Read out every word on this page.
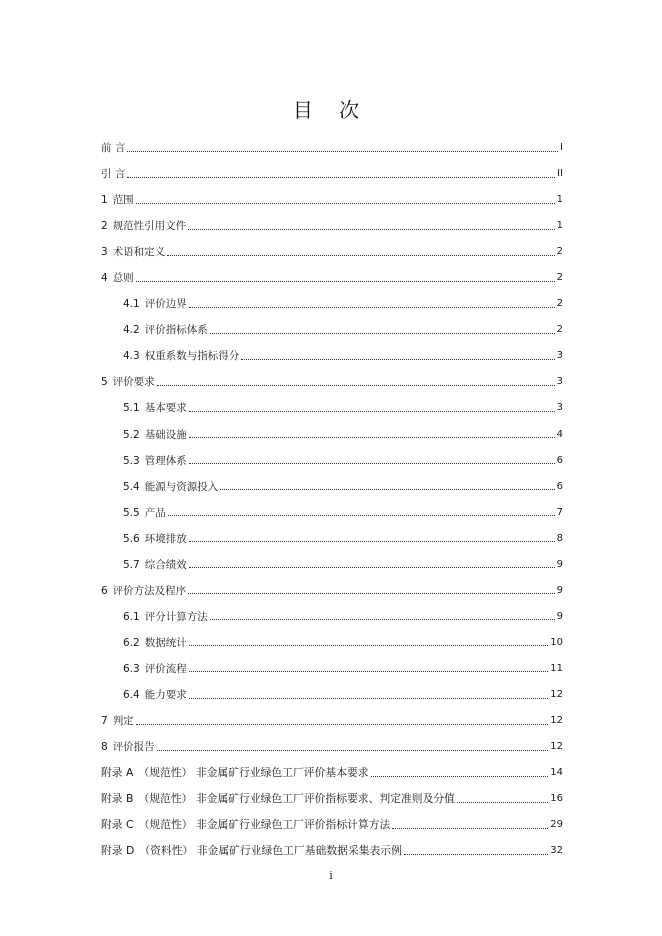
目 次
前 言	I
引 言	II
1 范围	1
2 规范性引用文件	1
3 术语和定义	2
4 总则	2
4.1 评价边界	2
4.2 评价指标体系	2
4.3 权重系数与指标得分	3
5 评价要求	3
5.1 基本要求	3
5.2 基础设施	4
5.3 管理体系	6
5.4 能源与资源投入	6
5.5 产品	7
5.6 环境排放	8
5.7 综合绩效	9
6 评价方法及程序	9
6.1 评分计算方法	9
6.2 数据统计	10
6.3 评价流程	11
6.4 能力要求	12
7 判定	12
8 评价报告	12
附录 A （规范性） 非金属矿行业绿色工厂评价基本要求	14
附录 B （规范性） 非金属矿行业绿色工厂评价指标要求、判定准则及分值	16
附录 C （规范性） 非金属矿行业绿色工厂评价指标计算方法	29
附录 D （资料性） 非金属矿行业绿色工厂基础数据采集表示例	32
i
